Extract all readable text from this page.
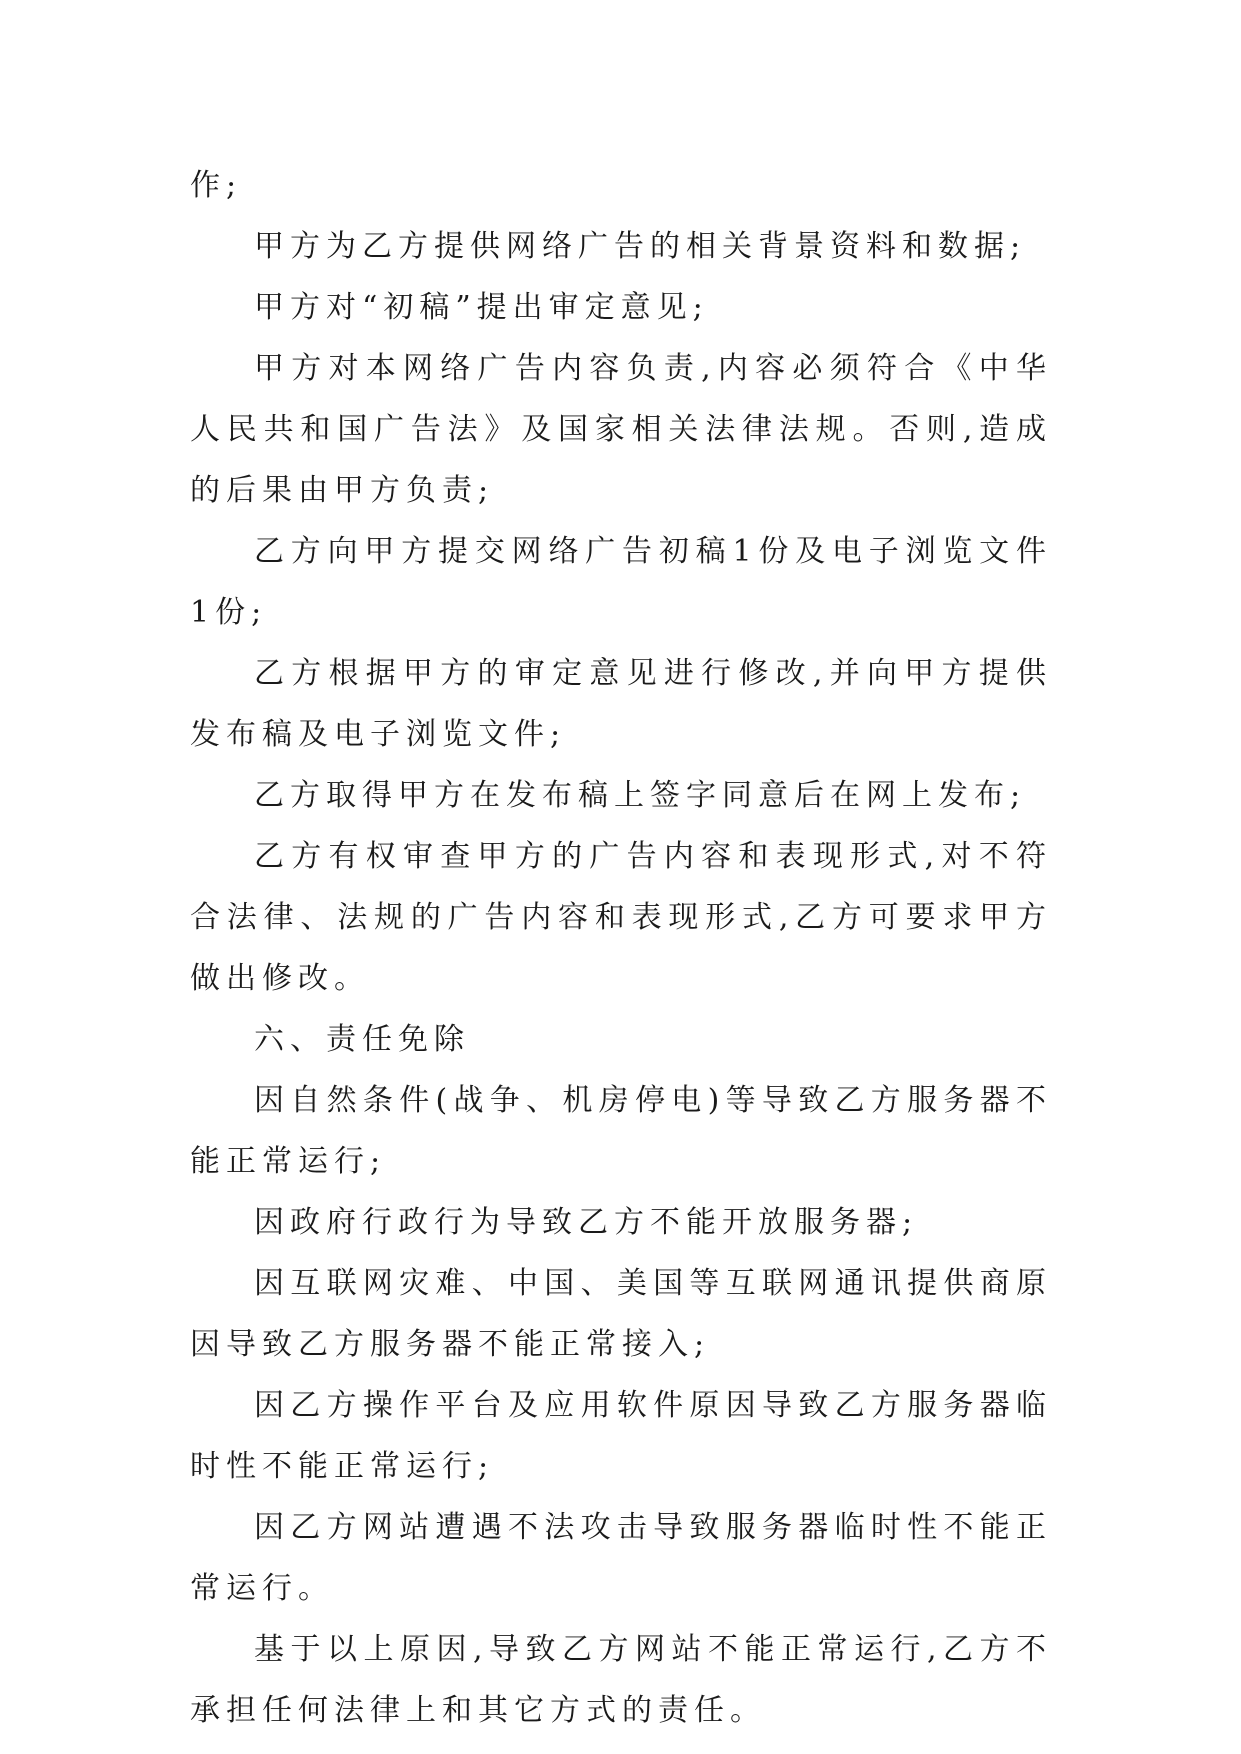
作;

甲方为乙方提供网络广告的相关背景资料和数据;

甲方对“初稿”提出审定意见;

甲方对本网络广告内容负责,内容必须符合《中华人民共和国广告法》及国家相关法律法规。否则,造成的后果由甲方负责;

乙方向甲方提交网络广告初稿1份及电子浏览文件1份;

乙方根据甲方的审定意见进行修改,并向甲方提供发布稿及电子浏览文件;

乙方取得甲方在发布稿上签字同意后在网上发布;

乙方有权审查甲方的广告内容和表现形式,对不符合法律、法规的广告内容和表现形式,乙方可要求甲方做出修改。

六、责任免除

因自然条件(战争、机房停电)等导致乙方服务器不能正常运行;

因政府行政行为导致乙方不能开放服务器;

因互联网灾难、中国、美国等互联网通讯提供商原因导致乙方服务器不能正常接入;

因乙方操作平台及应用软件原因导致乙方服务器临时性不能正常运行;

因乙方网站遭遇不法攻击导致服务器临时性不能正常运行。

基于以上原因,导致乙方网站不能正常运行,乙方不承担任何法律上和其它方式的责任。
